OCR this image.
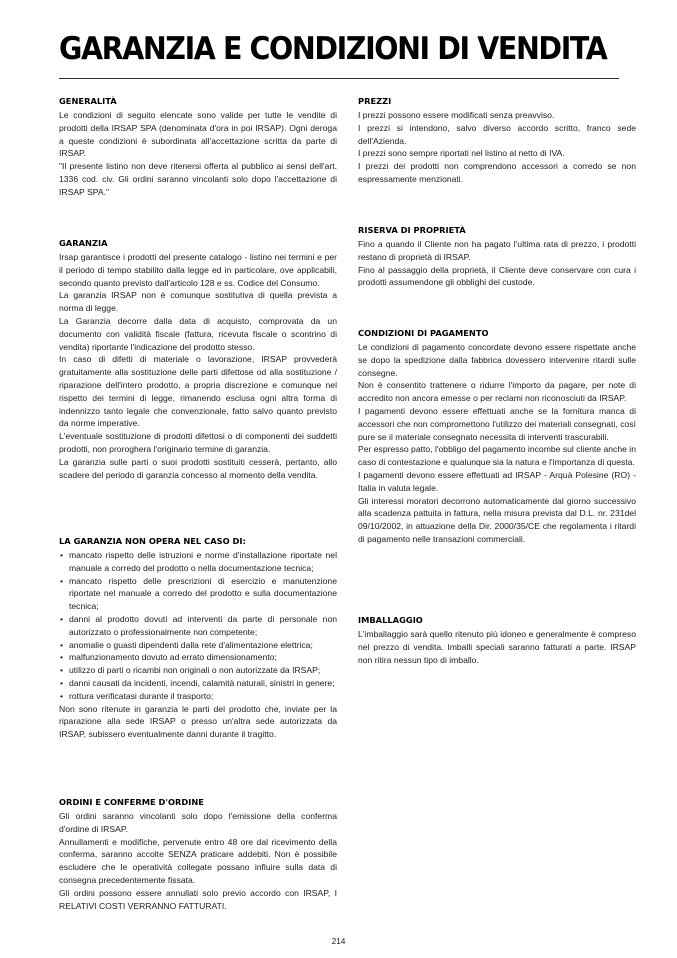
GARANZIA E CONDIZIONI DI VENDITA
GENERALITÀ

Le condizioni di seguito elencate sono valide per tutte le vendite di prodotti della IRSAP SPA (denominata d'ora in poi IRSAP). Ogni deroga a queste condizioni è subordinata all'accettazione scritta da parte di IRSAP.

"Il presente listino non deve ritenersi offerta al pubblico ai sensi dell'art. 1336 cod. civ. Gli ordini saranno vincolanti solo dopo l'accettazione di IRSAP SPA."

GARANZIA

Irsap garantisce i prodotti del presente catalogo - listino nei termini e per il periodo di tempo stabilito dalla legge ed in particolare, ove applicabili, secondo quanto previsto dall'articolo 128 e ss. Codice del Consumo.

La garanzia IRSAP non è comunque sostitutiva di quella prevista a norma di legge.

La Garanzia decorre dalla data di acquisto, comprovata da un documento con validità fiscale (fattura, ricevuta fiscale o scontrino di vendita) riportante l'indicazione del prodotto stesso.

In caso di difetti di materiale o lavorazione, IRSAP provvederà gratuitamente alla sostituzione delle parti difettose od alla sostituzione / riparazione dell'intero prodotto, a propria discrezione e comunque nel rispetto dei termini di legge, rimanendo esclusa ogni altra forma di indennizzo tanto legale che convenzionale, fatto salvo quanto previsto da norme imperative.

L'eventuale sostituzione di prodotti difettosi o di componenti dei suddetti prodotti, non proroghera l'originario termine di garanzia.

La garanzia sulle parti o suoi prodotti sostituiti cesserà, pertanto, allo scadere del periodo di garanzia concesso al momento della vendita.

LA GARANZIA NON OPERA NEL CASO DI:
• mancato rispetto delle istruzioni e norme d'installazione riportate nel manuale a corredo del prodotto o nella documentazione tecnica;
• mancato rispetto delle prescrizioni di esercizio e manutenzione riportate nel manuale a corredo del prodotto e sulla documentazione tecnica;
• danni al prodotto dovuti ad interventi da parte di personale non autorizzato o professionalmente non competente;
• anomalie o guasti dipendenti dalla rete d'alimentazione elettrica;
• malfunzionamento dovuto ad errato dimensionamento;
• utilizzo di parti o ricambi non originali o non autorizzate da IRSAP;
• danni causati da incidenti, incendi, calamità naturali, sinistri in genere;
• rottura verificatasi durante il trasporto;

Non sono ritenute in garanzia le parti del prodotto che, inviate per la riparazione alla sede IRSAP o presso un'altra sede autorizzata da IRSAP, subissero eventualmente danni durante il tragitto.

ORDINI E CONFERME D'ORDINE

Gli ordini saranno vincolanti solo dopo l'emissione della conferma d'ordine di IRSAP.

Annullamenti e modifiche, pervenute entro 48 ore dal ricevimento della conferma, saranno accolte SENZA praticare addebiti. Non è possibile escludere che le operatività collegate possano influire sulla data di consegna precedentemente fissata.

Gli ordini possono essere annullati solo previo accordo con IRSAP, I RELATIVI COSTI VERRANNO FATTURATI.

PREZZI

I prezzi possono essere modificati senza preavviso.

I prezzi si intendono, salvo diverso accordo scritto, franco sede dell'Azienda.

I prezzi sono sempre riportati nel listino al netto di IVA.

I prezzi dei prodotti non comprendono accessori a corredo se non espressamente menzionati.

RISERVA DI PROPRIETÀ

Fino a quando il Cliente non ha pagato l'ultima rata di prezzo, i prodotti restano di proprietà di IRSAP.

Fino al passaggio della proprietà, il Cliente deve conservare con cura i prodotti assumendone gli obblighi del custode.

CONDIZIONI DI PAGAMENTO

Le condizioni di pagamento concordate devono essere rispettate anche se dopo la spedizione dalla fabbrica dovessero intervenire ritardi sulle consegne.

Non è consentito trattenere o ridurre l'importo da pagare, per note di accredito non ancora emesse o per reclami non riconosciuti da IRSAP.

I pagamenti devono essere effettuati anche se la fornitura manca di accessori che non compromettono l'utilizzo dei materiali consegnati, così pure se il materiale consegnato necessita di interventi trascurabili.

Per espresso patto, l'obbligo del pagamento incombe sul cliente anche in caso di contestazione e qualunque sia la natura e l'importanza di questa.

I pagamenti devono essere effettuati ad IRSAP - Arquà Polesine (RO) - Italia in valuta legale.

Gli interessi moratori decorrono automaticamente dal giorno successivo alla scadenza pattuita in fattura, nella misura prevista dal D.L. nr. 231del 09/10/2002, in attuazione della Dir. 2000/35/CE che regolamenta i ritardi di pagamento nelle transazioni commerciali.

IMBALLAGGIO

L'imballaggio sarà quello ritenuto più idoneo e generalmente è compreso nel prezzo di vendita. Imballi speciali saranno fatturati a parte. IRSAP non ritira nessun tipo di imballo.

214
